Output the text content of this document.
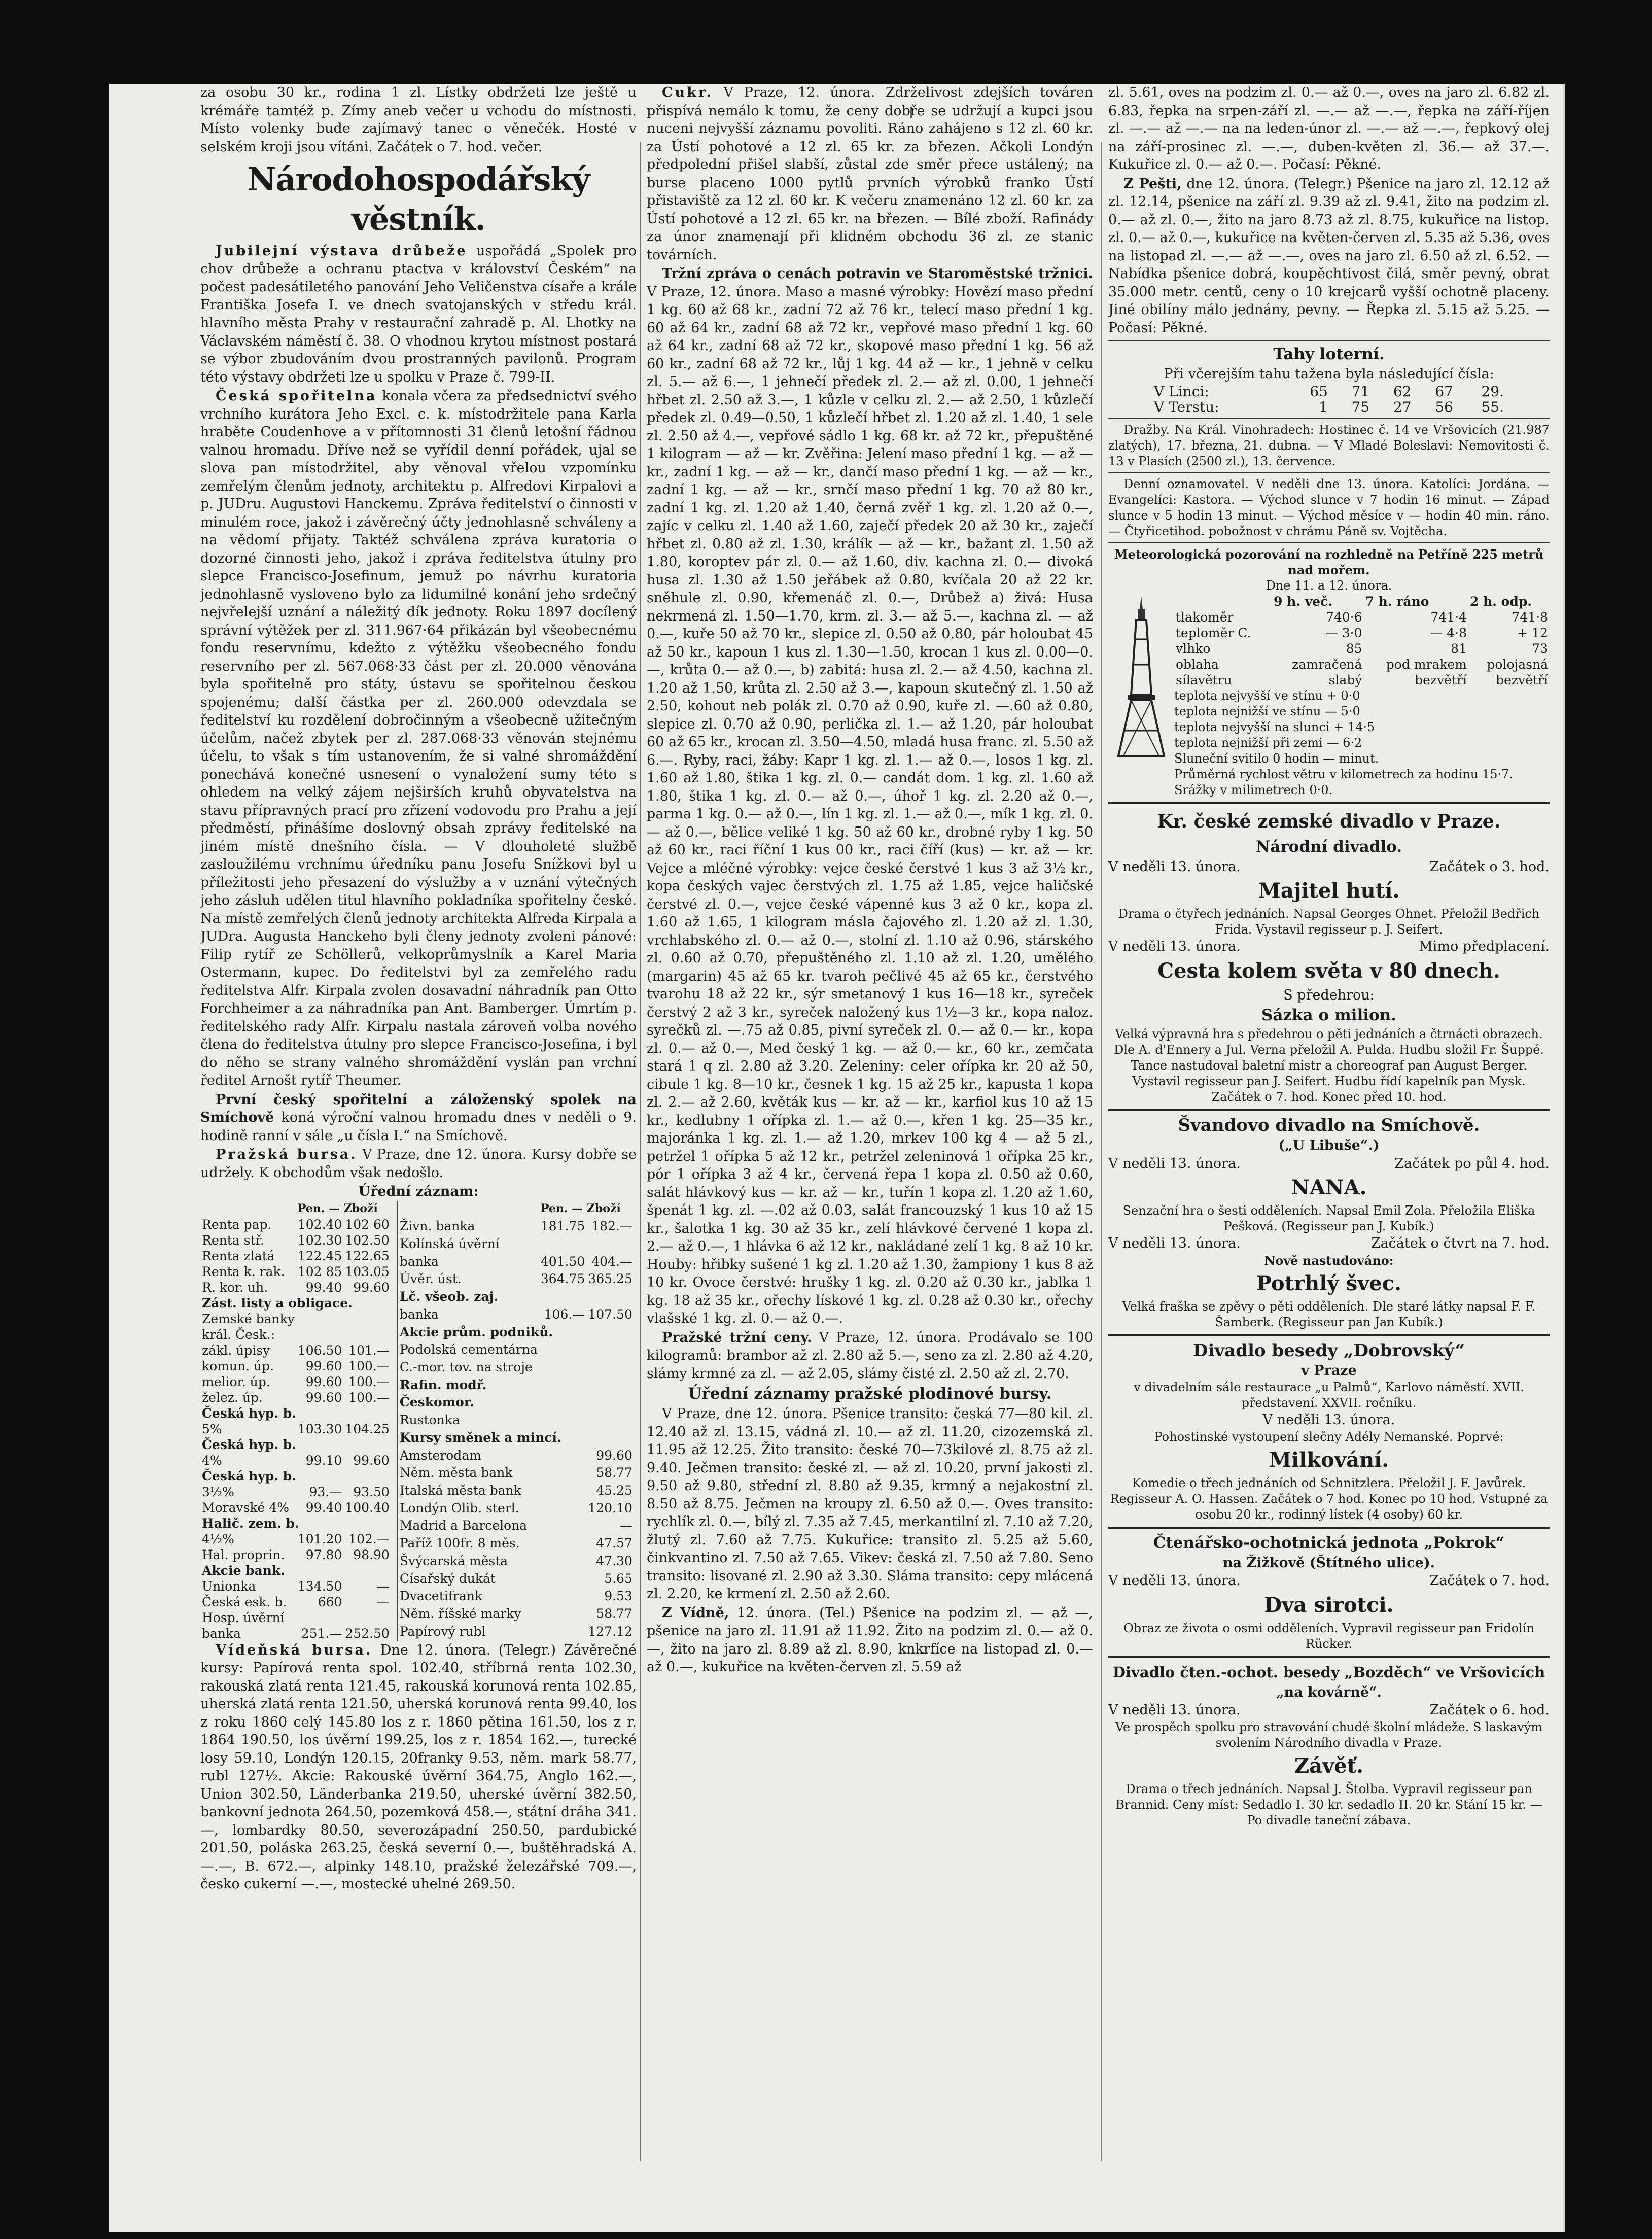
za osobu 30 kr., rodina 1 zl. Lístky obdržeti lze ještě u krémáře tamtéž p. Zímy aneb večer u vchodu do místnosti. Místo volenky bude zajímavý tanec o věnečék. Hosté v selském kroji jsou vítáni. Začátek o 7. hod. večer.
Národohospodářský věstník.
Jubilejní výstava drůbeže uspořádá „Spolek pro chov drůbeže a ochranu ptactva v království Českém“ na počest padesátiletého panování Jeho Veličenstva císaře a krále Františka Josefa I. ve dnech svatojanských v středu král. hlavního města Prahy v restaurační zahradě p. Al. Lhotky na Václavském náměstí č. 38. O vhodnou krytou místnost postará se výbor zbudováním dvou prostranných pavilonů. Program této výstavy obdržeti lze u spolku v Praze č. 799-II.
Česká spořitelna konala včera za předsednictví svého vrchního kurátora Jeho Excl. c. k. místodržitele pana Karla hraběte Coudenhove a v přítomnosti 31 členů letošní řádnou valnou hromadu. Dříve než se vyřídil denní pořádek, ujal se slova pan místodržitel, aby věnoval vřelou vzpomínku zemřelým členům jednoty, architektu p. Alfredovi Kirpalovi a p. JUDru. Augustovi Hanckemu. Zpráva ředitelství o činnosti v minulém roce, jakož i závěrečný účty jednohlasně schváleny a na vědomí přijaty. Taktéž schválena zpráva kuratoria o dozorné činnosti jeho, jakož i zpráva ředitelstva útulny pro slepce Francisco-Josefinum, jemuž po návrhu kuratoria jednohlasně vysloveno bylo za lidumilné konání jeho srdečný nejvřelejší uznání a náležitý dík jednoty. Roku 1897 docílený správní výtěžek per zl. 311.967·64 přikázán byl všeobecnému fondu reservnímu, kdežto z výtěžku všeobecného fondu reservního per zl. 567.068·33 část per zl. 20.000 věnována byla spořitelně pro státy, ústavu se spořitelnou českou spojenému; další částka per zl. 260.000 odevzdala se ředitelství ku rozdělení dobročinným a všeobecně užitečným účelům, načež zbytek per zl. 287.068·33 věnován stejnému účelu, to však s tím ustanovením, že si valné shromáždění ponechává konečné usnesení o vynaložení sumy této s ohledem na velký zájem nejširších kruhů obyvatelstva na stavu přípravných prací pro zřízení vodovodu pro Prahu a její předměstí, přinášíme doslovný obsah zprávy ředitelské na jiném místě dnešního čísla. — V dlouholeté službě zasloužilému vrchnímu úředníku panu Josefu Snížkovi byl u příležitosti jeho přesazení do výslužby a v uznání výtečných jeho zásluh udělen titul hlavního pokladníka spořitelny české. Na místě zemřelých členů jednoty architekta Alfreda Kirpala a JUDra. Augusta Hanckeho byli členy jednoty zvoleni pánové: Filip rytíř ze Schöllerů, velkoprůmyslník a Karel Maria Ostermann, kupec. Do ředitelstvi byl za zemřelého radu ředitelstva Alfr. Kirpala zvolen dosavadní náhradník pan Otto Forchheimer a za náhradníka pan Ant. Bamberger. Úmrtím p. ředitelského rady Alfr. Kirpalu nastala zároveň volba nového člena do ředitelstva útulny pro slepce Francisco-Josefina, i byl do něho se strany valného shromáždění vyslán pan vrchní ředitel Arnošt rytíř Theumer.
První český spořitelní a záloženský spolek na Smíchově koná výroční valnou hromadu dnes v neděli o 9. hodině ranní v sále „u čísla I.“ na Smíchově.
Pražská bursa. V Praze, dne 12. února. Kursy dobře se udržely. K obchodům však nedošlo.
Úřední záznam:
	Pen. — Zboží			
Renta pap.	102.40	102 60		
Renta stř.	102.30	102.50		
Renta zlatá	122.45	122.65		
Renta k. rak.	102 85	103.05		
R. kor. uh.	99.40	99.60		
Zást. listy a obligace.				
Zemské banky				
král. Česk.:				
zákl. úpisy	106.50	101.—		
komun. úp.	99.60	100.—		
melior. úp.	99.60	100.—		
želez. úp.	99.60	100.—		
Česká hyp. b.				
5%	103.30	104.25		
Česká hyp. b.				
4%	99.10	99.60		
Česká hyp. b.				
3½%	93.—	93.50		
Moravské 4%	99.40	100.40		
Halič. zem. b.				
4½%	101.20	102.—		
Hal. proprin.	97.80	98.90		
Akcie bank.				
Unionka	134.50	—		
Česká esk. b.	660	—		
Hosp. úvěrní				
banka	251.—	252.50		
	Pen. — Zboží			
Živn. banka	181.75	182.—		
Kolínská úvěrní				
banka	401.50	404.—		
Úvěr. úst.	364.75	365.25		
Lč. všeob. zaj.				
banka	106.—	107.50		
Akcie prům. podniků.				
Podolská cementárna				
C.-mor. tov. na stroje				
Rafin. modř.				
Českomor.				
Rustonka				
Kursy směnek a mincí.				
Amsterodam		99.60		
Něm. města bank		58.77		
Italská města bank		45.25		
Londýn Olib. sterl.		120.10		
Madrid a Barcelona		—		
Paříž 100fr. 8 měs.		47.57		
Švýcarská města		47.30		
Císařský dukát		5.65		
Dvacetifrank		9.53		
Něm. říšské marky		58.77		
Papírový rubl		127.12		
Vídeňská bursa. Dne 12. února. (Telegr.) Závěrečné kursy: Papírová renta spol. 102.40, stříbrná renta 102.30, rakouská zlatá renta 121.45, rakouská korunová renta 102.85, uherská zlatá renta 121.50, uherská korunová renta 99.40, los z roku 1860 celý 145.80 los z r. 1860 pětina 161.50, los z r. 1864 190.50, los úvěrní 199.25, los z r. 1854 162.—, turecké losy 59.10, Londýn 120.15, 20franky 9.53, něm. mark 58.77, rubl 127½. Akcie: Rakouské úvěrní 364.75, Anglo 162.—, Union 302.50, Länderbanka 219.50, uherské úvěrní 382.50, bankovní jednota 264.50, pozemková 458.—, státní dráha 341.—, lombardky 80.50, severozápadní 250.50, pardubické 201.50, poláska 263.25, česká severní 0.—, buštěhradská A. —.—, B. 672.—, alpinky 148.10, pražské železářské 709.—, česko cukerní —.—, mostecké uhelné 269.50.
Cukr. V Praze, 12. února. Zdrželivost zdejších továren přispívá nemálo k tomu, že ceny dobře se udržují a kupci jsou nuceni nejvyšší záznamu povoliti. Ráno zahájeno s 12 zl. 60 kr. za Ústí pohotové a 12 zl. 65 kr. za březen. Ačkoli Londýn předpolední přišel slabší, zůstal zde směr přece ustálený; na burse placeno 1000 pytlů prvních výrobků franko Ústí přistaviště za 12 zl. 60 kr. K večeru znamenáno 12 zl. 60 kr. za Ústí pohotové a 12 zl. 65 kr. na březen. — Bílé zboží. Rafinády za únor znamenají při klidném obchodu 36 zl. ze stanic továrních.
Tržní zpráva o cenách potravin ve Staroměstské tržnici. V Praze, 12. února. Maso a masné výrobky: Hovězí maso přední 1 kg. 60 až 68 kr., zadní 72 až 76 kr., telecí maso přední 1 kg. 60 až 64 kr., zadní 68 až 72 kr., vepřové maso přední 1 kg. 60 až 64 kr., zadní 68 až 72 kr., skopové maso přední 1 kg. 56 až 60 kr., zadní 68 až 72 kr., lůj 1 kg. 44 až — kr., 1 jehně v celku zl. 5.— až 6.—, 1 jehnečí předek zl. 2.— až zl. 0.00, 1 jehnečí hřbet zl. 2.50 až 3.—, 1 kůzle v celku zl. 2.— až 2.50, 1 kůzlečí předek zl. 0.49—0.50, 1 kůzlečí hřbet zl. 1.20 až zl. 1.40, 1 sele zl. 2.50 až 4.—, vepřové sádlo 1 kg. 68 kr. až 72 kr., přepuštěné 1 kilogram — až — kr. Zvěřina: Jelení maso přední 1 kg. — až — kr., zadní 1 kg. — až — kr., dančí maso přední 1 kg. — až — kr., zadní 1 kg. — až — kr., srnčí maso přední 1 kg. 70 až 80 kr., zadní 1 kg. zl. 1.20 až 1.40, černá zvěř 1 kg. zl. 1.20 až 0.—, zajíc v celku zl. 1.40 až 1.60, zaječí předek 20 až 30 kr., zaječí hřbet zl. 0.80 až zl. 1.30, králík — až — kr., bažant zl. 1.50 až 1.80, koroptev pár zl. 0.— až 1.60, div. kachna zl. 0.— divoká husa zl. 1.30 až 1.50 jeřábek až 0.80, kvíčala 20 až 22 kr. sněhule zl. 0.90, křemenáč zl. 0.—, Drůbež a) živá: Husa nekrmená zl. 1.50—1.70, krm. zl. 3.— až 5.—, kachna zl. — až 0.—, kuře 50 až 70 kr., slepice zl. 0.50 až 0.80, pár holoubat 45 až 50 kr., kapoun 1 kus zl. 1.30—1.50, krocan 1 kus zl. 0.00—0.—, krůta 0.— až 0.—, b) zabitá: husa zl. 2.— až 4.50, kachna zl. 1.20 až 1.50, krůta zl. 2.50 až 3.—, kapoun skutečný zl. 1.50 až 2.50, kohout neb polák zl. 0.70 až 0.90, kuře zl. —.60 až 0.80, slepice zl. 0.70 až 0.90, perlička zl. 1.— až 1.20, pár holoubat 60 až 65 kr., krocan zl. 3.50—4.50, mladá husa franc. zl. 5.50 až 6.—. Ryby, raci, žáby: Kapr 1 kg. zl. 1.— až 0.—, losos 1 kg. zl. 1.60 až 1.80, štika 1 kg. zl. 0.— candát dom. 1 kg. zl. 1.60 až 1.80, štika 1 kg. zl. 0.— až 0.—, úhoř 1 kg. zl. 2.20 až 0.—, parma 1 kg. 0.— až 0.—, lín 1 kg. zl. 1.— až 0.—, mík 1 kg. zl. 0.— až 0.—, bělice veliké 1 kg. 50 až 60 kr., drobné ryby 1 kg. 50 až 60 kr., raci říční 1 kus 00 kr., raci číří (kus) — kr. až — kr. Vejce a mléčné výrobky: vejce české čerstvé 1 kus 3 až 3½ kr., kopa českých vajec čerstvých zl. 1.75 až 1.85, vejce haličské čerstvé zl. 0.—, vejce české vápenné kus 3 až 0 kr., kopa zl. 1.60 až 1.65, 1 kilogram másla čajového zl. 1.20 až zl. 1.30, vrchlabského zl. 0.— až 0.—, stolní zl. 1.10 až 0.96, stárského zl. 0.60 až 0.70, přepuštěného zl. 1.10 až zl. 1.20, umělého (margarin) 45 až 65 kr. tvaroh pečlivé 45 až 65 kr., čerstvého tvarohu 18 až 22 kr., sýr smetanový 1 kus 16—18 kr., syreček čerstvý 2 až 3 kr., syreček naložený kus 1½—3 kr., kopa naloz. syrečků zl. —.75 až 0.85, pivní syreček zl. 0.— až 0.— kr., kopa zl. 0.— až 0.—, Med český 1 kg. — až 0.— kr., 60 kr., zemčata stará 1 q zl. 2.80 až 3.20. Zeleniny: celer ořípka kr. 20 až 50, cibule 1 kg. 8—10 kr., česnek 1 kg. 15 až 25 kr., kapusta 1 kopa zl. 2.— až 2.60, květák kus — kr. až — kr., karfiol kus 10 až 15 kr., kedlubny 1 ořípka zl. 1.— až 0.—, křen 1 kg. 25—35 kr., majoránka 1 kg. zl. 1.— až 1.20, mrkev 100 kg 4 — až 5 zl., petržel 1 ořípka 5 až 12 kr., petržel zeleninová 1 ořípka 25 kr., pór 1 ořípka 3 až 4 kr., červená řepa 1 kopa zl. 0.50 až 0.60, salát hlávkový kus — kr. až — kr., tuřín 1 kopa zl. 1.20 až 1.60, špenát 1 kg. zl. —.02 až 0.03, salát francouzský 1 kus 10 až 15 kr., šalotka 1 kg. 30 až 35 kr., zelí hlávkové červené 1 kopa zl. 2.— až 0.—, 1 hlávka 6 až 12 kr., nakládané zelí 1 kg. 8 až 10 kr. Houby: hřibky sušené 1 kg zl. 1.20 až 1.30, žampiony 1 kus 8 až 10 kr. Ovoce čerstvé: hrušky 1 kg. zl. 0.20 až 0.30 kr., jablka 1 kg. 18 až 35 kr., ořechy lískové 1 kg. zl. 0.28 až 0.30 kr., ořechy vlašské 1 kg. zl. 0.— až 0.—.
Pražské tržní ceny. V Praze, 12. února. Prodávalo se 100 kilogramů: brambor až zl. 2.80 až 5.—, seno za zl. 2.80 až 4.20, slámy krmné za zl. — až 2.05, slámy čisté zl. 2.50 až zl. 2.70.
Úřední záznamy pražské plodinové bursy.
V Praze, dne 12. února. Pšenice transito: česká 77—80 kil. zl. 12.40 až zl. 13.15, vádná zl. 10.— až zl. 11.20, cizozemská zl. 11.95 až 12.25. Žito transito: české 70—73kilové zl. 8.75 až zl. 9.40. Ječmen transito: české zl. — až zl. 10.20, první jakosti zl. 9.50 až 9.80, střední zl. 8.80 až 9.35, krmný a nejakostní zl. 8.50 až 8.75. Ječmen na kroupy zl. 6.50 až 0.—. Oves transito: rychlík zl. 0.—, bílý zl. 7.35 až 7.45, merkantilní zl. 7.10 až 7.20, žlutý zl. 7.60 až 7.75. Kukuřice: transito zl. 5.25 až 5.60, činkvantino zl. 7.50 až 7.65. Vikev: česká zl. 7.50 až 7.80. Seno transito: lisované zl. 2.90 až 3.30. Sláma transito: cepy mlácená zl. 2.20, ke krmení zl. 2.50 až 2.60.
Z Vídně, 12. února. (Tel.) Pšenice na podzim zl. — až —, pšenice na jaro zl. 11.91 až 11.92. Žito na podzim zl. 0.— až 0.—, žito na jaro zl. 8.89 až zl. 8.90, knkrfíce na listopad zl. 0.— až 0.—, kukuřice na květen-červen zl. 5.59 až
zl. 5.61, oves na podzim zl. 0.— až 0.—, oves na jaro zl. 6.82 zl. 6.83, řepka na srpen-září zl. —.— až —.—, řepka na září-říjen zl. —.— až —.— na na leden-únor zl. —.— až —.—, řepkový olej na září-prosinec zl. —.—, duben-květen zl. 36.— až 37.—. Kukuřice zl. 0.— až 0.—. Počasí: Pěkné.
Z Pešti, dne 12. února. (Telegr.) Pšenice na jaro zl. 12.12 až zl. 12.14, pšenice na září zl. 9.39 až zl. 9.41, žito na podzim zl. 0.— až zl. 0.—, žito na jaro 8.73 až zl. 8.75, kukuřice na listop. zl. 0.— až 0.—, kukuřice na květen-červen zl. 5.35 až 5.36, oves na listopad zl. —.— až —.—, oves na jaro zl. 6.50 až zl. 6.52. — Nabídka pšenice dobrá, koupěchtivost čilá, směr pevný, obrat 35.000 metr. centů, ceny o 10 krejcarů vyšší ochotně placeny. Jiné obilíny málo jednány, pevny. — Řepka zl. 5.15 až 5.25. — Počasí: Pěkné.
Tahy loterní.
Při včerejším tahu tažena byla následující čísla:
V Linci:	65	71	62	67	29.
V Terstu:	1	75	27	56	55.
Dražby. Na Král. Vinohradech: Hostinec č. 14 ve Vršovicích (21.987 zlatých), 17. března, 21. dubna. — V Mladé Boleslavi: Nemovitosti č. 13 v Plasích (2500 zl.), 13. července.
Denní oznamovatel. V neděli dne 13. února. Katolíci: Jordána. — Evangelíci: Kastora. — Východ slunce v 7 hodin 16 minut. — Západ slunce v 5 hodin 13 minut. — Východ měsíce v — hodin 40 min. ráno. — Čtyřicetihod. pobožnost v chrámu Páně sv. Vojtěcha.
Meteorologická pozorování na rozhledně na Petříně 225 metrů nad mořem.
Dne 11. a 12. února.
	9 h. več.	7 h. ráno	2 h. odp.
tlakoměr	740·6	741·4	741·8
teploměr C.	— 3·0	— 4·8	+ 12
vlhko	85	81	73
oblaha	zamračená	pod mrakem	polojasná
sílavětru	slabý	bezvětří	bezvětří
teplota nejvyšší ve stínu + 0·0
teplota nejnižší ve stínu — 5·0
teplota nejvyšší na slunci + 14·5
teplota nejnižší při zemi — 6·2
Sluneční svitilo 0 hodin — minut.
Průměrná rychlost větru v kilometrech za hodinu 15·7.
Srážky v milimetrech 0·0.
Kr. české zemské divadlo v Praze.
Národní divadlo.
V neděli 13. února.	Začátek o 3. hod.
Majitel hutí.
Drama o čtyřech jednáních. Napsal Georges Ohnet. Přeložil Bedřich Frida. Vystavil regisseur p. J. Seifert.
V neděli 13. února.	Mimo předplacení.
Cesta kolem světa v 80 dnech.
S předehrou:
Sázka o milion.
Velká výpravná hra s předehrou o pěti jednáních a čtrnácti obrazech. Dle A. d'Ennery a Jul. Verna přeložil A. Pulda. Hudbu složil Fr. Šuppé. Tance nastudoval baletní mistr a choreograf pan August Berger. Vystavil regisseur pan J. Seifert. Hudbu řídí kapelník pan Mysk. Začátek o 7. hod. Konec před 10. hod.
Švandovo divadlo na Smíchově.
(„U Libuše“.)
V neděli 13. února.	Začátek po půl 4. hod.
NANA.
Senzační hra o šesti odděleních. Napsal Emil Zola. Přeložila Eliška Pešková. (Regisseur pan J. Kubík.)
V neděli 13. února.	Začátek o čtvrt na 7. hod.
Nově nastudováno:
Potrhlý švec.
Velká fraška se zpěvy o pěti odděleních. Dle staré látky napsal F. F. Šamberk. (Regisseur pan Jan Kubík.)
Divadlo besedy „Dobrovský“
v Praze
v divadelním sále restaurace „u Palmů“, Karlovo náměstí. XVII. představení. XXVII. ročníku.
V neděli 13. února.
Pohostinské vystoupení slečny Adély Nemanské. Poprvé:
Milkování.
Komedie o třech jednáních od Schnitzlera. Přeložil J. F. Javůrek. Regisseur A. O. Hassen. Začátek o 7 hod. Konec po 10 hod. Vstupné za osobu 20 kr., rodinný lístek (4 osoby) 60 kr.
Čtenářsko-ochotnická jednota „Pokrok“
na Žižkově (Štítného ulice).
V neděli 13. února.	Začátek o 7. hod.
Dva sirotci.
Obraz ze života o osmi odděleních. Vypravil regisseur pan Fridolín Rücker.
Divadlo čten.-ochot. besedy „Bozděch“ ve Vršovicích
„na kovárně“.
V neděli 13. února.	Začátek o 6. hod.
Ve prospěch spolku pro stravování chudé školní mládeže. S laskavým svolením Národního divadla v Praze.
Závěť.
Drama o třech jednáních. Napsal J. Štolba. Vypravil regisseur pan Brannid. Ceny míst: Sedadlo I. 30 kr. sedadlo II. 20 kr. Stání 15 kr. — Po divadle taneční zábava.
